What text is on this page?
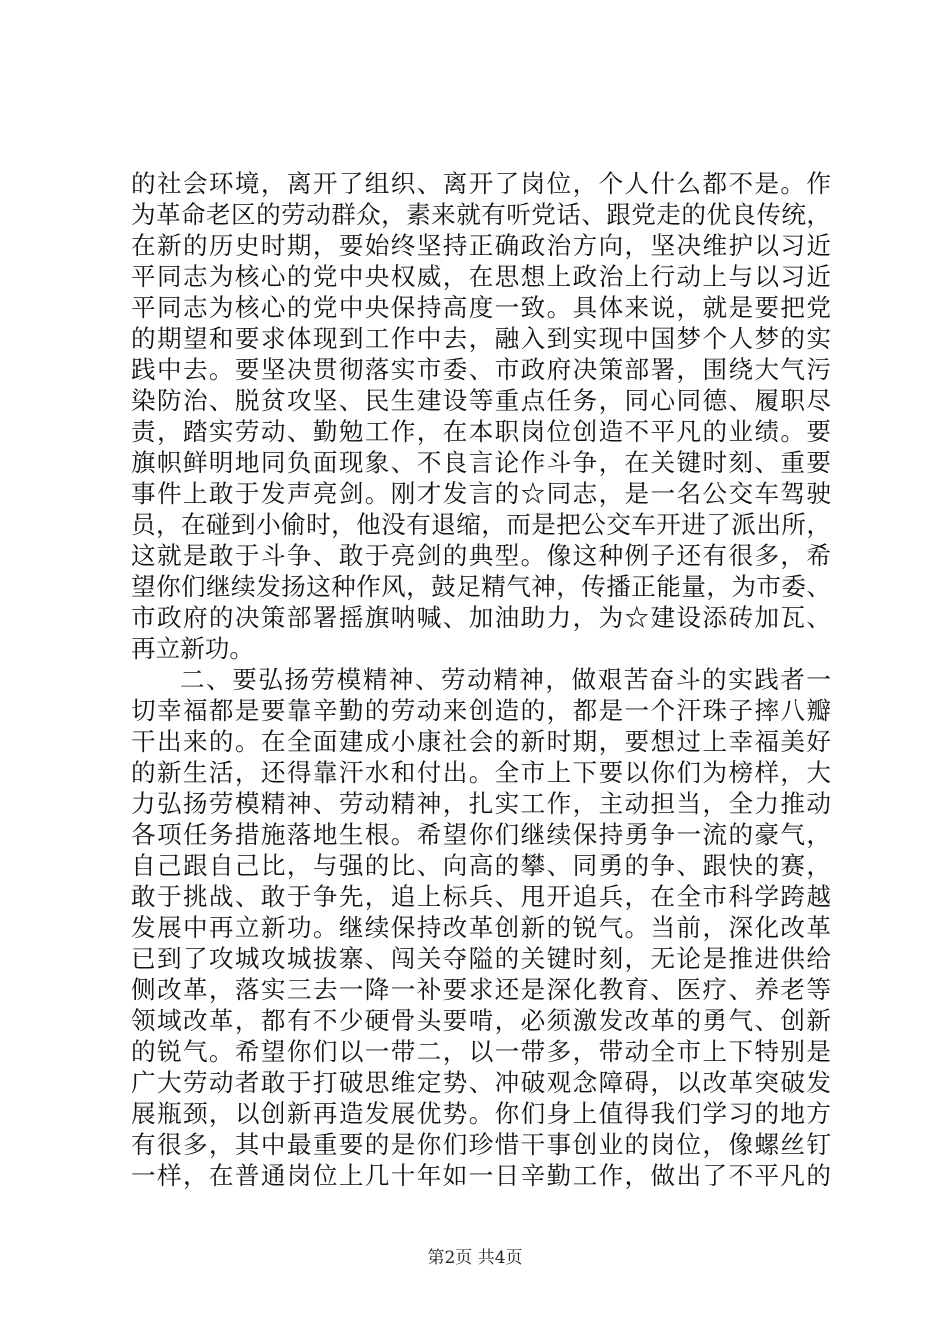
的社会环境，离开了组织、离开了岗位，个人什么都不是。作
为革命老区的劳动群众，素来就有听党话、跟党走的优良传统，
在新的历史时期，要始终坚持正确政治方向，坚决维护以习近
平同志为核心的党中央权威，在思想上政治上行动上与以习近
平同志为核心的党中央保持高度一致。具体来说，就是要把党
的期望和要求体现到工作中去，融入到实现中国梦个人梦的实
践中去。要坚决贯彻落实市委、市政府决策部署，围绕大气污
染防治、脱贫攻坚、民生建设等重点任务，同心同德、履职尽
责，踏实劳动、勤勉工作，在本职岗位创造不平凡的业绩。要
旗帜鲜明地同负面现象、不良言论作斗争，在关键时刻、重要
事件上敢于发声亮剑。刚才发言的☆同志，是一名公交车驾驶
员，在碰到小偷时，他没有退缩，而是把公交车开进了派出所，
这就是敢于斗争、敢于亮剑的典型。像这种例子还有很多，希
望你们继续发扬这种作风，鼓足精气神，传播正能量，为市委、
市政府的决策部署摇旗呐喊、加油助力，为☆建设添砖加瓦、
再立新功。
二、要弘扬劳模精神、劳动精神，做艰苦奋斗的实践者一
切幸福都是要靠辛勤的劳动来创造的，都是一个汗珠子摔八瓣
干出来的。在全面建成小康社会的新时期，要想过上幸福美好
的新生活，还得靠汗水和付出。全市上下要以你们为榜样，大
力弘扬劳模精神、劳动精神，扎实工作，主动担当，全力推动
各项任务措施落地生根。希望你们继续保持勇争一流的豪气，
自己跟自己比，与强的比、向高的攀、同勇的争、跟快的赛，
敢于挑战、敢于争先，追上标兵、甩开追兵，在全市科学跨越
发展中再立新功。继续保持改革创新的锐气。当前，深化改革
已到了攻城攻城拔寨、闯关夺隘的关键时刻，无论是推进供给
侧改革，落实三去一降一补要求还是深化教育、医疗、养老等
领域改革，都有不少硬骨头要啃，必须激发改革的勇气、创新
的锐气。希望你们以一带二，以一带多，带动全市上下特别是
广大劳动者敢于打破思维定势、冲破观念障碍，以改革突破发
展瓶颈，以创新再造发展优势。你们身上值得我们学习的地方
有很多，其中最重要的是你们珍惜干事创业的岗位，像螺丝钉
一样，在普通岗位上几十年如一日辛勤工作，做出了不平凡的
第2页 共4页
